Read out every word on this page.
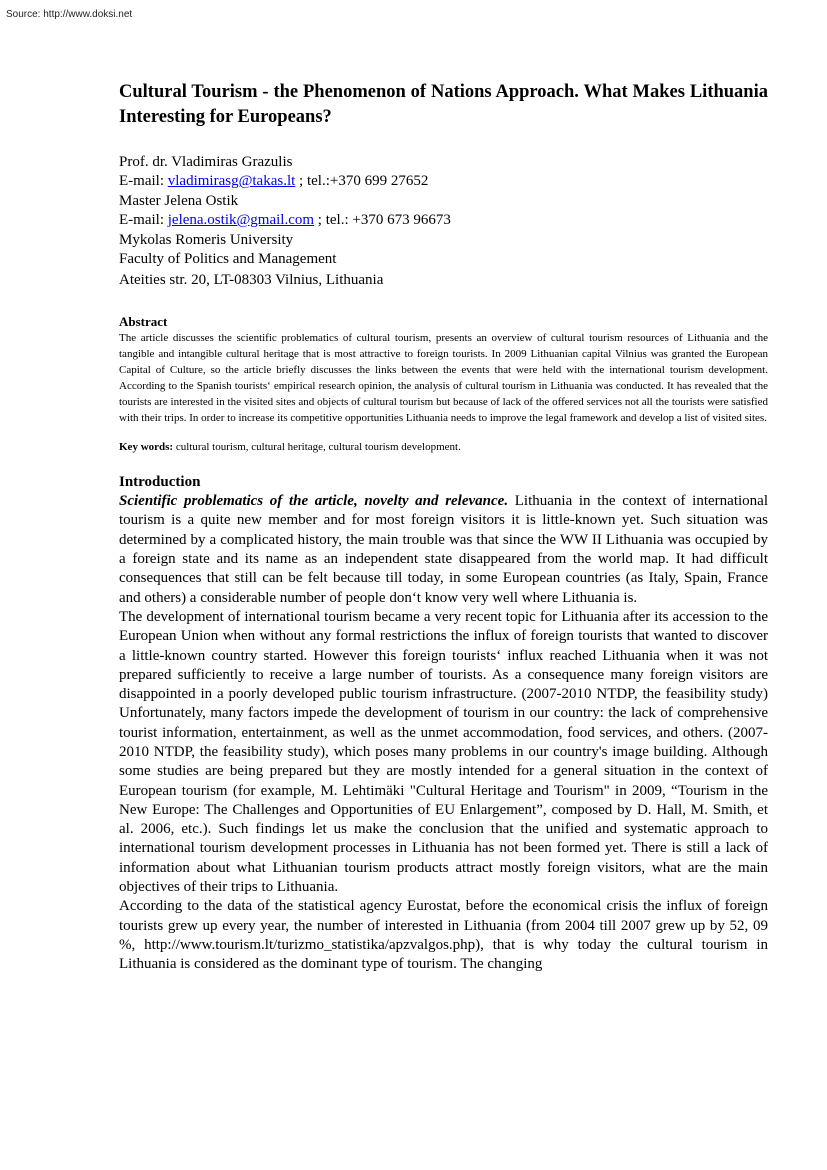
Source: http://www.doksi.net
Cultural Tourism - the Phenomenon of Nations Approach. What Makes Lithuania Interesting for Europeans?
Prof. dr. Vladimiras Grazulis
E-mail: vladimirasg@takas.lt ; tel.:+370 699 27652
Master Jelena Ostik
E-mail: jelena.ostik@gmail.com ; tel.: +370 673 96673
Mykolas Romeris University
Faculty of Politics and Management
Ateities str. 20, LT-08303 Vilnius, Lithuania
Abstract
The article discusses the scientific problematics of cultural tourism, presents an overview of cultural tourism resources of Lithuania and the tangible and intangible cultural heritage that is most attractive to foreign tourists. In 2009 Lithuanian capital Vilnius was granted the European Capital of Culture, so the article briefly discusses the links between the events that were held with the international tourism development. According to the Spanish tourists‘ empirical research opinion, the analysis of cultural tourism in Lithuania was conducted. It has revealed that the tourists are interested in the visited sites and objects of cultural tourism but because of lack of the offered services not all the tourists were satisfied with their trips. In order to increase its competitive opportunities Lithuania needs to improve the legal framework and develop a list of visited sites.
Key words: cultural tourism, cultural heritage, cultural tourism development.
Introduction

Scientific problematics of the article, novelty and relevance. Lithuania in the context of international tourism is a quite new member and for most foreign visitors it is little-known yet. Such situation was determined by a complicated history, the main trouble was that since the WW II Lithuania was occupied by a foreign state and its name as an independent state disappeared from the world map. It had difficult consequences that still can be felt because till today, in some European countries (as Italy, Spain, France and others) a considerable number of people don‘t know very well where Lithuania is.

The development of international tourism became a very recent topic for Lithuania after its accession to the European Union when without any formal restrictions the influx of foreign tourists that wanted to discover a little-known country started. However this foreign tourists‘ influx reached Lithuania when it was not prepared sufficiently to receive a large number of tourists. As a consequence many foreign visitors are disappointed in a poorly developed public tourism infrastructure. (2007-2010 NTDP, the feasibility study) Unfortunately, many factors impede the development of tourism in our country: the lack of comprehensive tourist information, entertainment, as well as the unmet accommodation, food services, and others. (2007-2010 NTDP, the feasibility study), which poses many problems in our country's image building. Although some studies are being prepared but they are mostly intended for a general situation in the context of European tourism (for example, M. Lehtimäki "Cultural Heritage and Tourism" in 2009, “Tourism in the New Europe: The Challenges and Opportunities of EU Enlargement”, composed by D. Hall, M. Smith, et al. 2006, etc.). Such findings let us make the conclusion that the unified and systematic approach to international tourism development processes in Lithuania has not been formed yet. There is still a lack of information about what Lithuanian tourism products attract mostly foreign visitors, what are the main objectives of their trips to Lithuania.

According to the data of the statistical agency Eurostat, before the economical crisis the influx of foreign tourists grew up every year, the number of interested in Lithuania (from 2004 till 2007 grew up by 52, 09 %, http://www.tourism.lt/turizmo_statistika/apzvalgos.php), that is why today the cultural tourism in Lithuania is considered as the dominant type of tourism. The changing
